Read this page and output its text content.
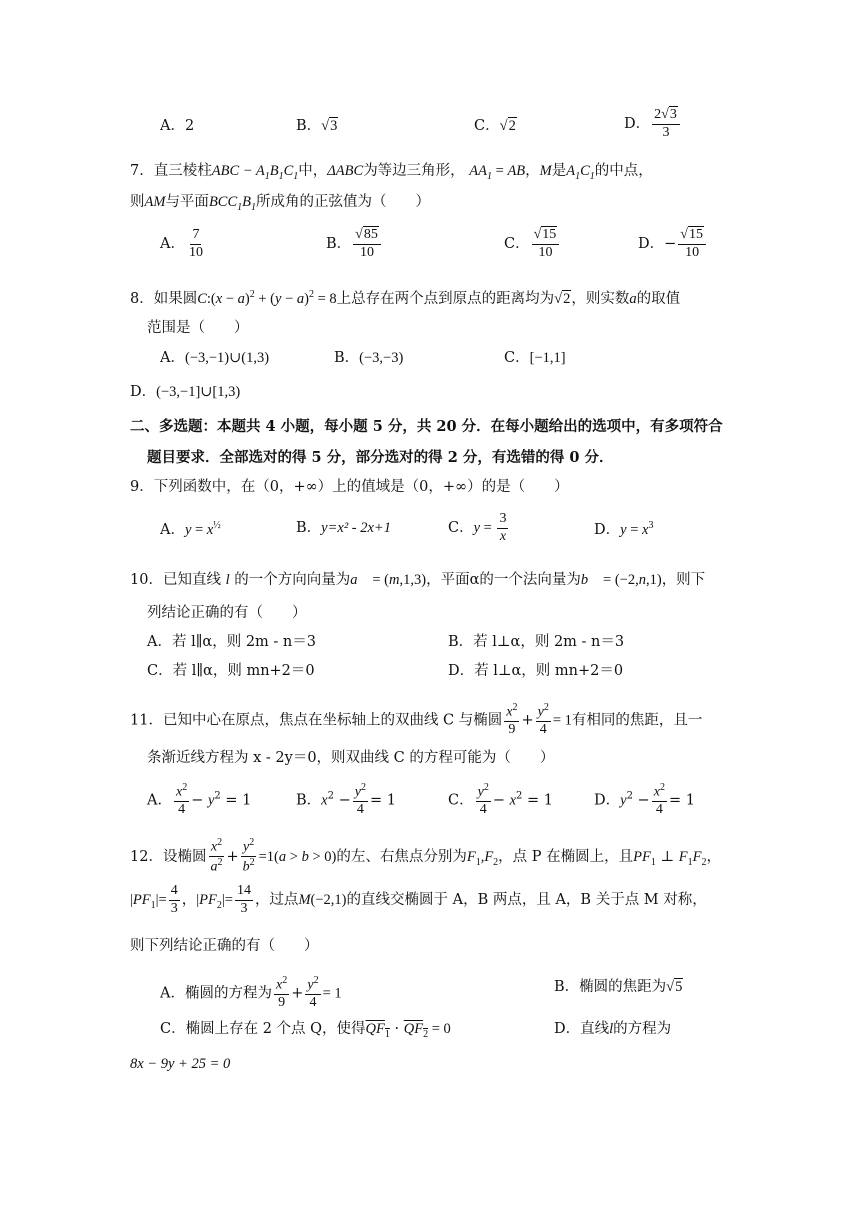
A．2	B．√3	C．√2	D． $\frac{2√3}{3}$
7．直三棱柱ABC − $A_1B_1C_1$中，ΔABC为等边三角形， $AA_1$ = AB，M是$A_1C_1$的中点，
则AM与平面$BCC_1B_1$所成角的正弦值为（　　）
A． $\frac{7}{10}$	B． $\frac{√85}{10}$	C． $\frac{√15}{10}$	D．− $\frac{√15}{10}$
8．如果圆C:(x − $a)^2 + (y - a)^2 = 8$上总存在两个点到原点的距离均为√2，则实数a的取值
范围是（　　）
A．(−3,−1)∪(1,3)	B．(−3,−3)	C．[−1,1]
D．(−3,−1]∪[1,3)
二、多选题：本题共 4 小题，每小题 5 分，共 20 分．在每小题给出的选项中，有多项符合
题目要求．全部选对的得 5 分，部分选对的得 2 分，有选错的得 0 分．
9．下列函数中，在（0，+∞）上的值域是（0，+∞）的是（　　）
A．$y = x^{\frac{1}{2}}$	B．y=x² - 2x+1	C．$y = \frac{3}{x}$	D．$y = x^3$
10．已知直线 l 的一个方向向量为a⃗ = (m,1,3)，平面α的一个法向量为b⃗ = (−2,n,1)，则下
列结论正确的有（　　）
A．若 l∥α，则 2m - n＝3	B．若 l⊥α，则 2m - n＝3
C．若 l∥α，则 mn+2＝0	D．若 l⊥α，则 mn+2＝0
11．已知中心在原点，焦点在坐标轴上的双曲线 C 与椭圆 $\frac{x^2}{9} + \frac{y^2}{4} = 1$有相同的焦距，且一
条渐近线方程为 x - 2y＝0，则双曲线 C 的方程可能为（　　）
A． $\frac{x^2}{4} - y^2 = 1$	B．$x^2 - \frac{y^2}{4} = 1$	C． $\frac{y^2}{4} - x^2 = 1$	D．$y^2 - \frac{x^2}{4} = 1$
12．设椭圆 $\frac{x^2}{a^2} + \frac{y^2}{b^2} =1(a > b > 0)$的左、右焦点分别为$F_1,F_2$，点 P 在椭圆上，且$PF_1$ ⊥ $F_1F_2$，
$|PF_1|= \frac{4}{3}$ ，$|PF_2|= \frac{14}{3}$ ，过点M(−2,1)的直线交椭圆于 A，B 两点，且 A，B 关于点 M 对称，
则下列结论正确的有（　　）
A．椭圆的方程为 $\frac{x^2}{9} + \frac{y^2}{4} = 1$	B．椭圆的焦距为√5
C．椭圆上存在 2 个点 Q，使得$QF_1 \cdot QF_2 = 0$	D．直线l的方程为
8x − 9y + 25 = 0
